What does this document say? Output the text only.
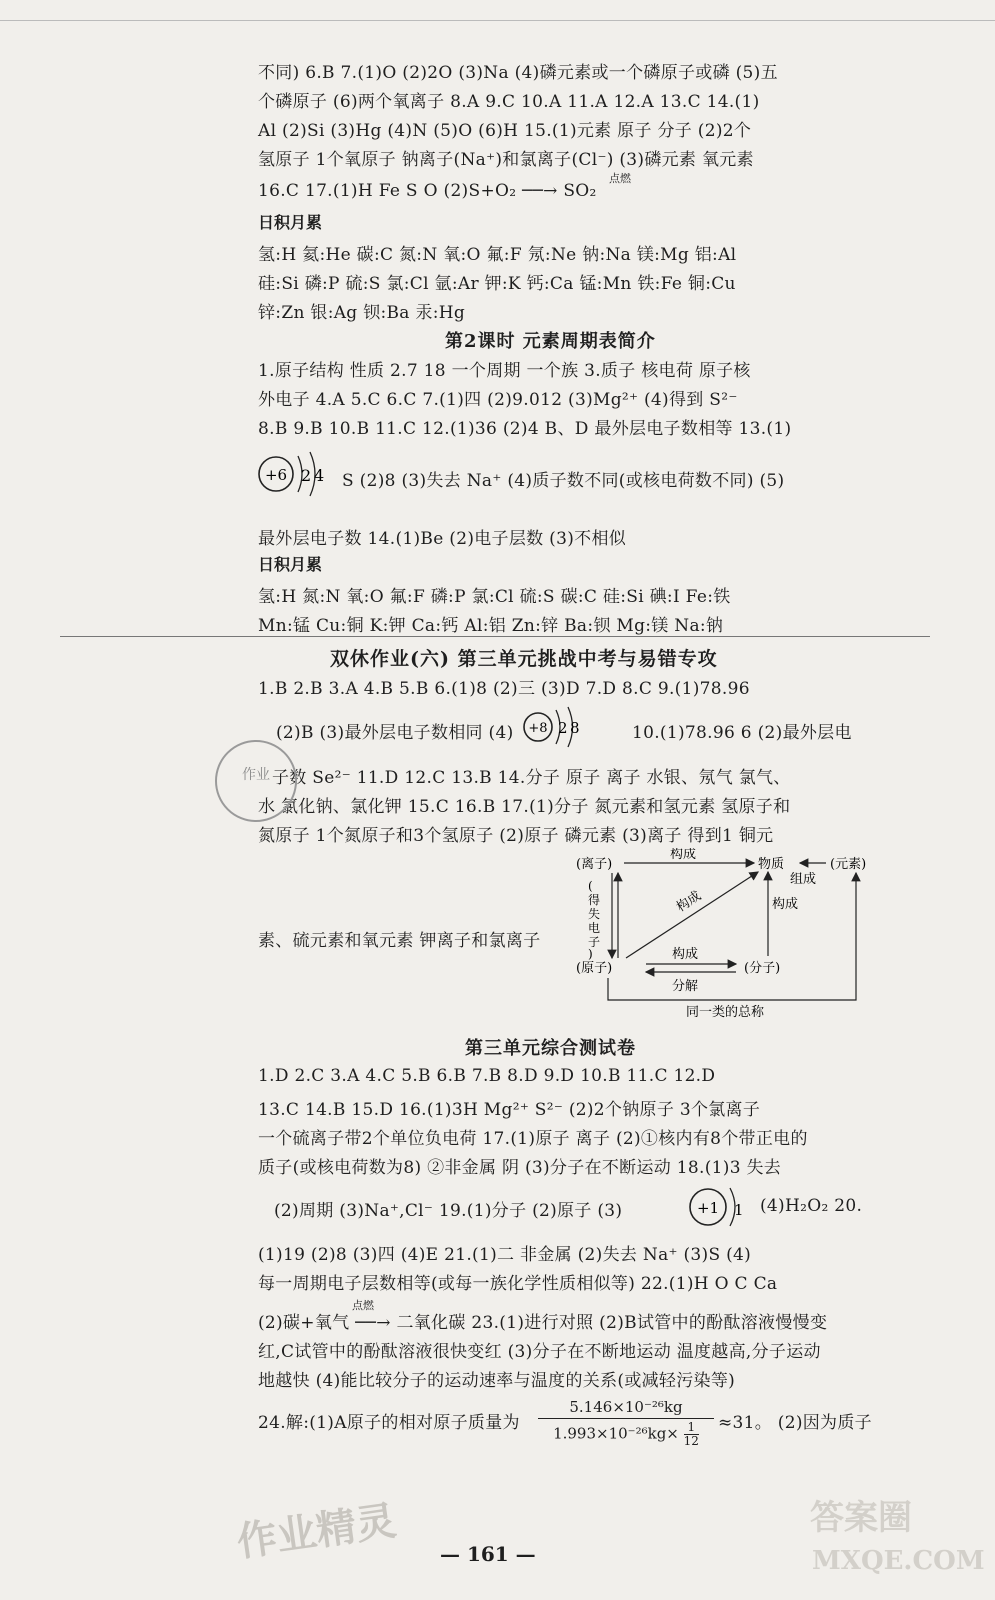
不同) 6.B 7.(1)O (2)2O (3)Na (4)磷元素或一个磷原子或磷 (5)五
个磷原子 (6)两个氧离子 8.A 9.C 10.A 11.A 12.A 13.C 14.(1)
Al (2)Si (3)Hg (4)N (5)O (6)H 15.(1)元素 原子 分子 (2)2个
氢原子 1个氧原子 钠离子(Na⁺)和氯离子(Cl⁻) (3)磷元素 氧元素
16.C 17.(1)H Fe S O (2)S+O₂ ──→ SO₂
点燃
日积月累
氢:H 氦:He 碳:C 氮:N 氧:O 氟:F 氖:Ne 钠:Na 镁:Mg 铝:Al
硅:Si 磷:P 硫:S 氯:Cl 氩:Ar 钾:K 钙:Ca 锰:Mn 铁:Fe 铜:Cu
锌:Zn 银:Ag 钡:Ba 汞:Hg
第2课时 元素周期表简介
1.原子结构 性质 2.7 18 一个周期 一个族 3.质子 核电荷 原子核
外电子 4.A 5.C 6.C 7.(1)四 (2)9.012 (3)Mg²⁺ (4)得到 S²⁻
8.B 9.B 10.B 11.C 12.(1)36 (2)4 B、D 最外层电子数相等 13.(1)
+6 2 4 S (2)8 (3)失去 Na⁺ (4)质子数不同(或核电荷数不同) (5)
最外层电子数 14.(1)Be (2)电子层数 (3)不相似
日积月累
氢:H 氮:N 氧:O 氟:F 磷:P 氯:Cl 硫:S 碳:C 硅:Si 碘:I Fe:铁
Mn:锰 Cu:铜 K:钾 Ca:钙 Al:铝 Zn:锌 Ba:钡 Mg:镁 Na:钠
双休作业(六) 第三单元挑战中考与易错专攻
1.B 2.B 3.A 4.B 5.B 6.(1)8 (2)三 (3)D 7.D 8.C 9.(1)78.96
(2)B (3)最外层电子数相同 (4) +8 2 8	10.(1)78.96 6 (2)最外层电
子数 Se²⁻ 11.D 12.C 13.B 14.分子 原子 离子 水银、氖气 氯气、
水 氯化钠、氯化钾 15.C 16.B 17.(1)分子 氮元素和氢元素 氢原子和
氮原子 1个氮原子和3个氢原子 (2)原子 磷元素 (3)离子 得到1 铜元
素、硫元素和氧元素 钾离子和氯离子
作业
(离子)	物质	(元素)
(原子)	(分子)
构成
组成
(
得
失
电
子
)
构成	构成
构成
分解
同一类的总称
第三单元综合测试卷
1.D 2.C 3.A 4.C 5.B 6.B 7.B 8.D 9.D 10.B 11.C 12.D
13.C 14.B 15.D 16.(1)3H Mg²⁺ S²⁻ (2)2个钠原子 3个氯离子
一个硫离子带2个单位负电荷 17.(1)原子 离子 (2)①核内有8个带正电的
质子(或核电荷数为8) ②非金属 阴 (3)分子在不断运动 18.(1)3 失去
(2)周期 (3)Na⁺,Cl⁻ 19.(1)分子 (2)原子 (3)	+1 1 (4)H₂O₂ 20.
(1)19 (2)8 (3)四 (4)E 21.(1)二 非金属 (2)失去 Na⁺ (3)S (4)
每一周期电子层数相等(或每一族化学性质相似等) 22.(1)H O C Ca
(2)碳+氧气 ──→ 二氧化碳 23.(1)进行对照 (2)B试管中的酚酞溶液慢慢变
点燃
红,C试管中的酚酞溶液很快变红 (3)分子在不断地运动 温度越高,分子运动
地越快 (4)能比较分子的运动速率与温度的关系(或减轻污染等)
24.解:(1)A原子的相对原子质量为 $\frac{\text{5.146×10⁻²⁶kg}}{1.993\times 10^{-26}kg\times \frac{1}{12}} \approx 31$。 (2)因为质子
— 161 —
作业精灵	答案圈
MXQE.COM
